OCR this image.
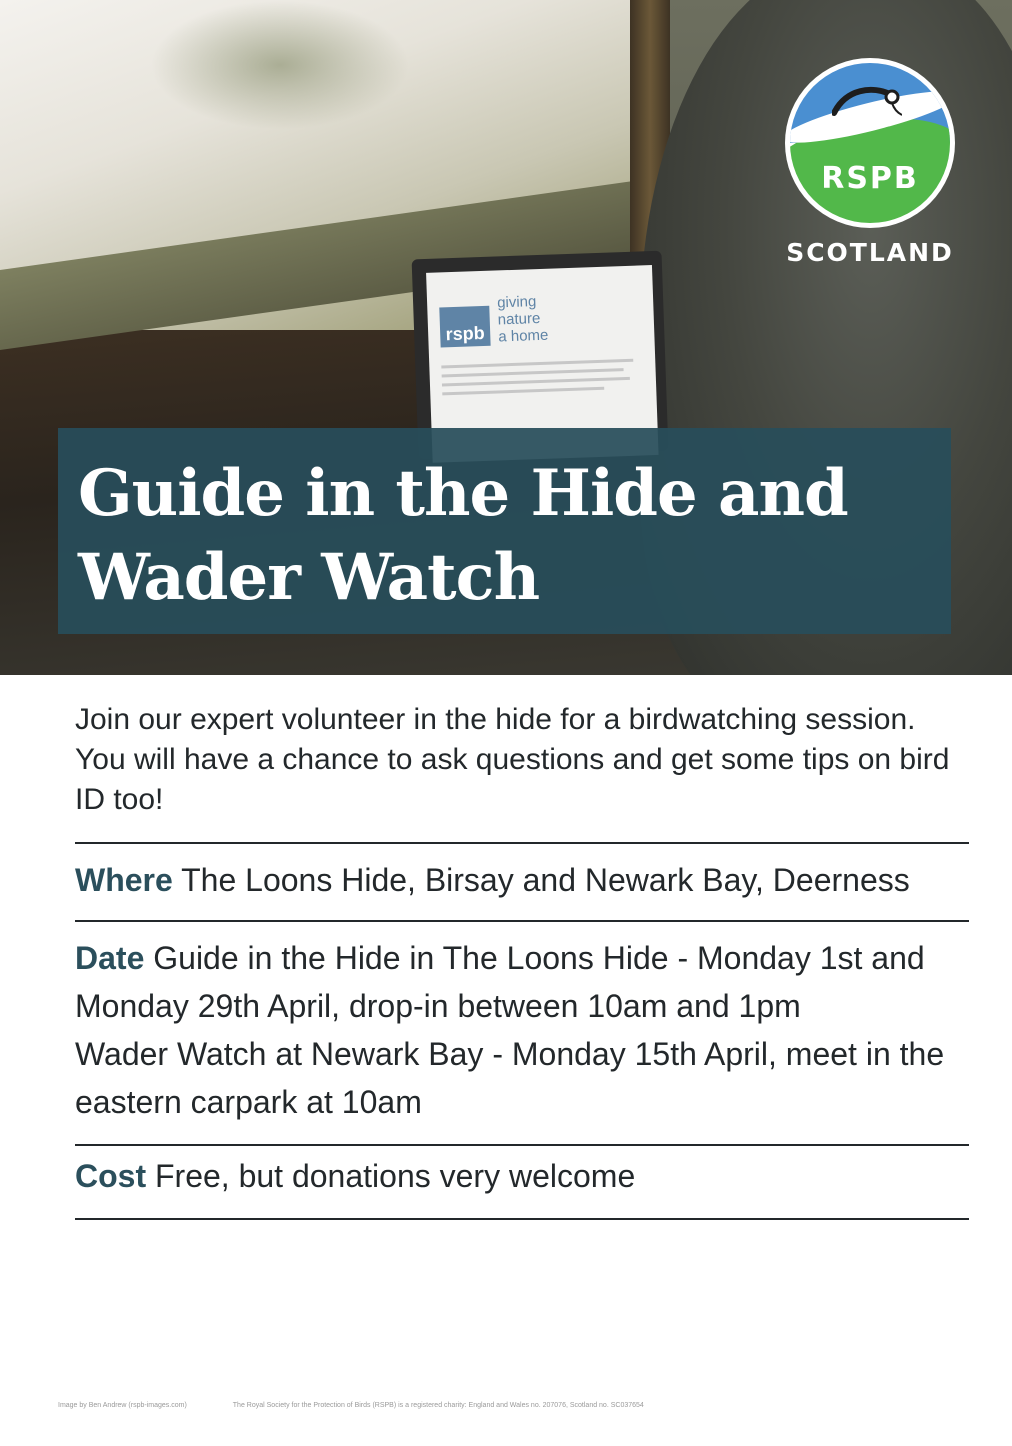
rspb
giving
nature
a home
RSPB
SCOTLAND
Guide in the Hide and
Wader Watch

Join our expert volunteer in the hide for a birdwatching session. You will have a chance to ask questions and get some tips on bird ID too!

Where The Loons Hide, Birsay and Newark Bay, Deerness
Date Guide in the Hide in The Loons Hide - Monday 1st and Monday 29th April, drop-in between 10am and 1pm
Wader Watch at Newark Bay - Monday 15th April, meet in the eastern carpark at 10am
Cost Free, but donations very welcome
Image by Ben Andrew (rspb-images.com)	The Royal Society for the Protection of Birds (RSPB) is a registered charity: England and Wales no. 207076, Scotland no. SC037654
